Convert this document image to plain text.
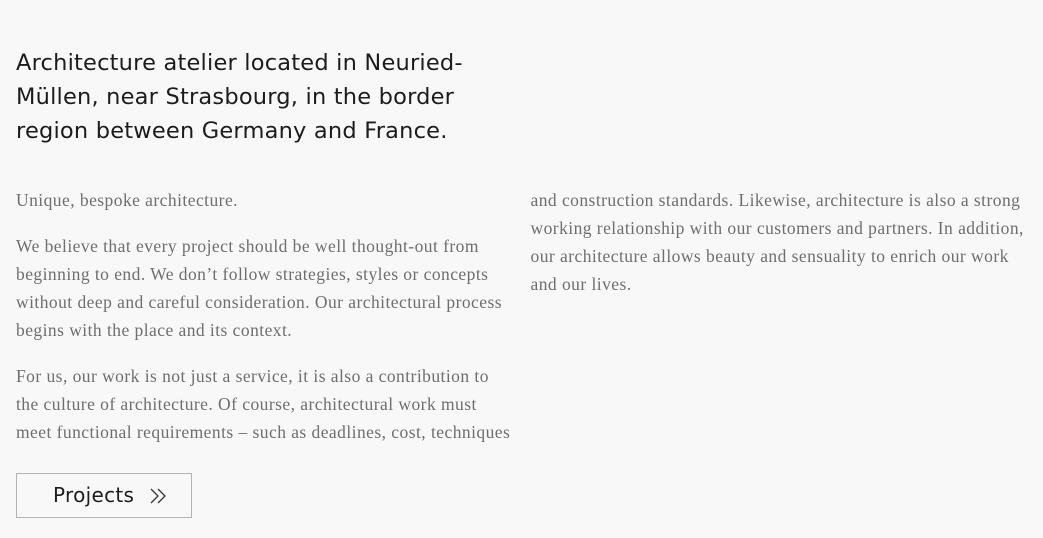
Architecture atelier located in Neuried-Müllen, near Strasbourg, in the border region between Germany and France.

Unique, bespoke architecture.

We believe that every project should be well thought-out from beginning to end. We don’t follow strategies, styles or concepts without deep and careful consideration. Our architectural process begins with the place and its context.

For us, our work is not just a service, it is also a contribution to the culture of architecture. Of course, architectural work must meet functional requirements – such as deadlines, cost, techniques and construction standards. Likewise, architecture is also a strong working relationship with our customers and partners. In addition, our architecture allows beauty and sensuality to enrich our work and our lives.

Projects
